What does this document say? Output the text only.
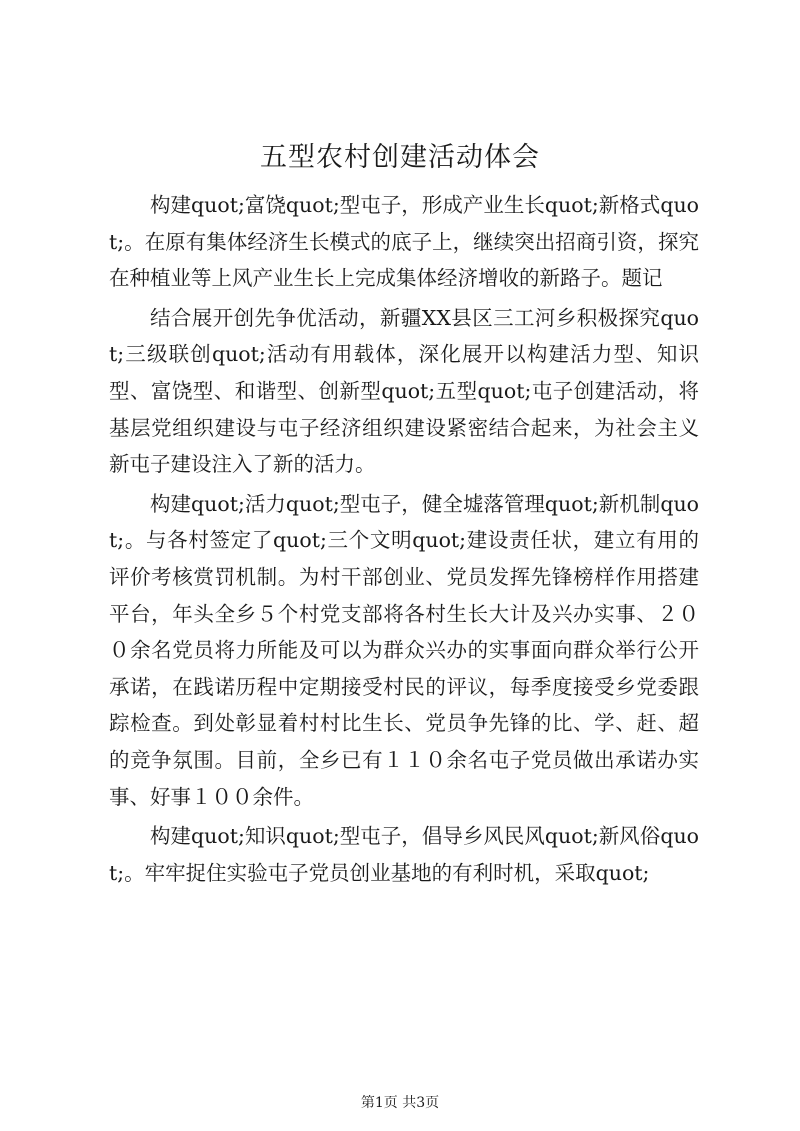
五型农村创建活动体会

构建quot;富饶quot;型屯子，形成产业生长quot;新格式quot;。在原有集体经济生长模式的底子上，继续突出招商引资，探究在种植业等上风产业生长上完成集体经济增收的新路子。题记

结合展开创先争优活动，新疆XX县区三工河乡积极探究quot;三级联创quot;活动有用载体，深化展开以构建活力型、知识型、富饶型、和谐型、创新型quot;五型quot;屯子创建活动，将基层党组织建设与屯子经济组织建设紧密结合起来，为社会主义新屯子建设注入了新的活力。

构建quot;活力quot;型屯子，健全墟落管理quot;新机制quot;。与各村签定了quot;三个文明quot;建设责任状，建立有用的评价考核赏罚机制。为村干部创业、党员发挥先锋榜样作用搭建平台，年头全乡５个村党支部将各村生长大计及兴办实事、２００余名党员将力所能及可以为群众兴办的实事面向群众举行公开承诺，在践诺历程中定期接受村民的评议，每季度接受乡党委跟踪检查。到处彰显着村村比生长、党员争先锋的比、学、赶、超的竞争氛围。目前，全乡已有１１０余名屯子党员做出承诺办实事、好事１００余件。

构建quot;知识quot;型屯子，倡导乡风民风quot;新风俗quot;。牢牢捉住实验屯子党员创业基地的有利时机，采取quot;

第1页 共3页
